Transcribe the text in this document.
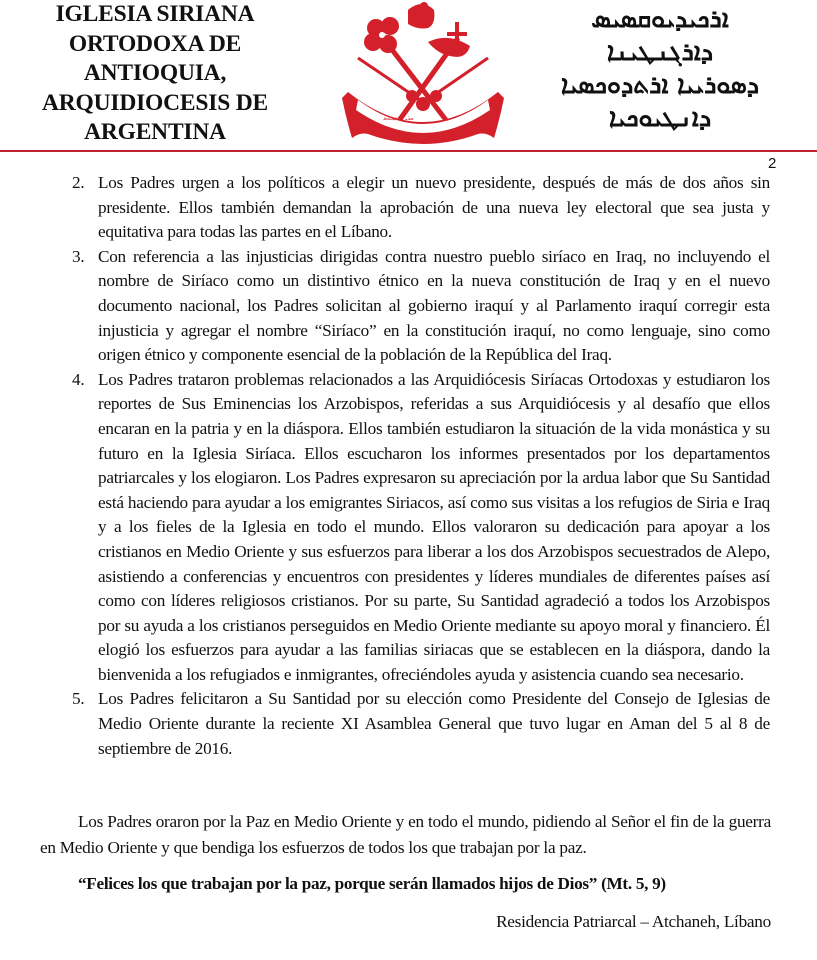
IGLESIA SIRIANA
ORTODOXA DE
ANTIOQUIA,
ARQUIDIOCESIS DE
ARGENTINA	ܡܪܝ ܐܓܢܐܛܝܘܣ
ܐܪܟܝܕܝܘܩܣܝܣ
ܕܐܪܓܢܛܝܢܐ
ܕܣܘܪܝܝܐ ܐܪܬܕܘܟܣܝܐ
ܕܐܢܛܝܘܟܝܐ
2
2. Los Padres urgen a los políticos a elegir un nuevo presidente, después de más de dos años sin presidente. Ellos también demandan la aprobación de una nueva ley electoral que sea justa y equitativa para todas las partes en el Líbano.
3. Con referencia a las injusticias dirigidas contra nuestro pueblo siríaco en Iraq, no incluyendo el nombre de Siríaco como un distintivo étnico en la nueva constitución de Iraq y en el nuevo documento nacional, los Padres solicitan al gobierno iraquí y al Parlamento iraquí corregir esta injusticia y agregar el nombre “Siríaco” en la constitución iraquí, no como lenguaje, sino como origen étnico y componente esencial de la población de la República del Iraq.
4. Los Padres trataron problemas relacionados a las Arquidiócesis Siríacas Ortodoxas y estudiaron los reportes de Sus Eminencias los Arzobispos, referidas a sus Arquidiócesis y al desafío que ellos encaran en la patria y en la diáspora. Ellos también estudiaron la situación de la vida monástica y su futuro en la Iglesia Siríaca. Ellos escucharon los informes presentados por los departamentos patriarcales y los elogiaron. Los Padres expresaron su apreciación por la ardua labor que Su Santidad está haciendo para ayudar a los emigrantes Siriacos, así como sus visitas a los refugios de Siria e Iraq y a los fieles de la Iglesia en todo el mundo. Ellos valoraron su dedicación para apoyar a los cristianos en Medio Oriente y sus esfuerzos para liberar a los dos Arzobispos secuestrados de Alepo, asistiendo a conferencias y encuentros con presidentes y líderes mundiales de diferentes países así como con líderes religiosos cristianos. Por su parte, Su Santidad agradeció a todos los Arzobispos por su ayuda a los cristianos perseguidos en Medio Oriente mediante su apoyo moral y financiero. Él elogió los esfuerzos para ayudar a las familias siriacas que se establecen en la diáspora, dando la bienvenida a los refugiados e inmigrantes, ofreciéndoles ayuda y asistencia cuando sea necesario.
5. Los Padres felicitaron a Su Santidad por su elección como Presidente del Consejo de Iglesias de Medio Oriente durante la reciente XI Asamblea General que tuvo lugar en Aman del 5 al 8 de septiembre de 2016.
Los Padres oraron por la Paz en Medio Oriente y en todo el mundo, pidiendo al Señor el fin de la guerra en Medio Oriente y que bendiga los esfuerzos de todos los que trabajan por la paz.
“Felices los que trabajan por la paz, porque serán llamados hijos de Dios” (Mt. 5, 9)
Residencia Patriarcal – Atchaneh, Líbano
